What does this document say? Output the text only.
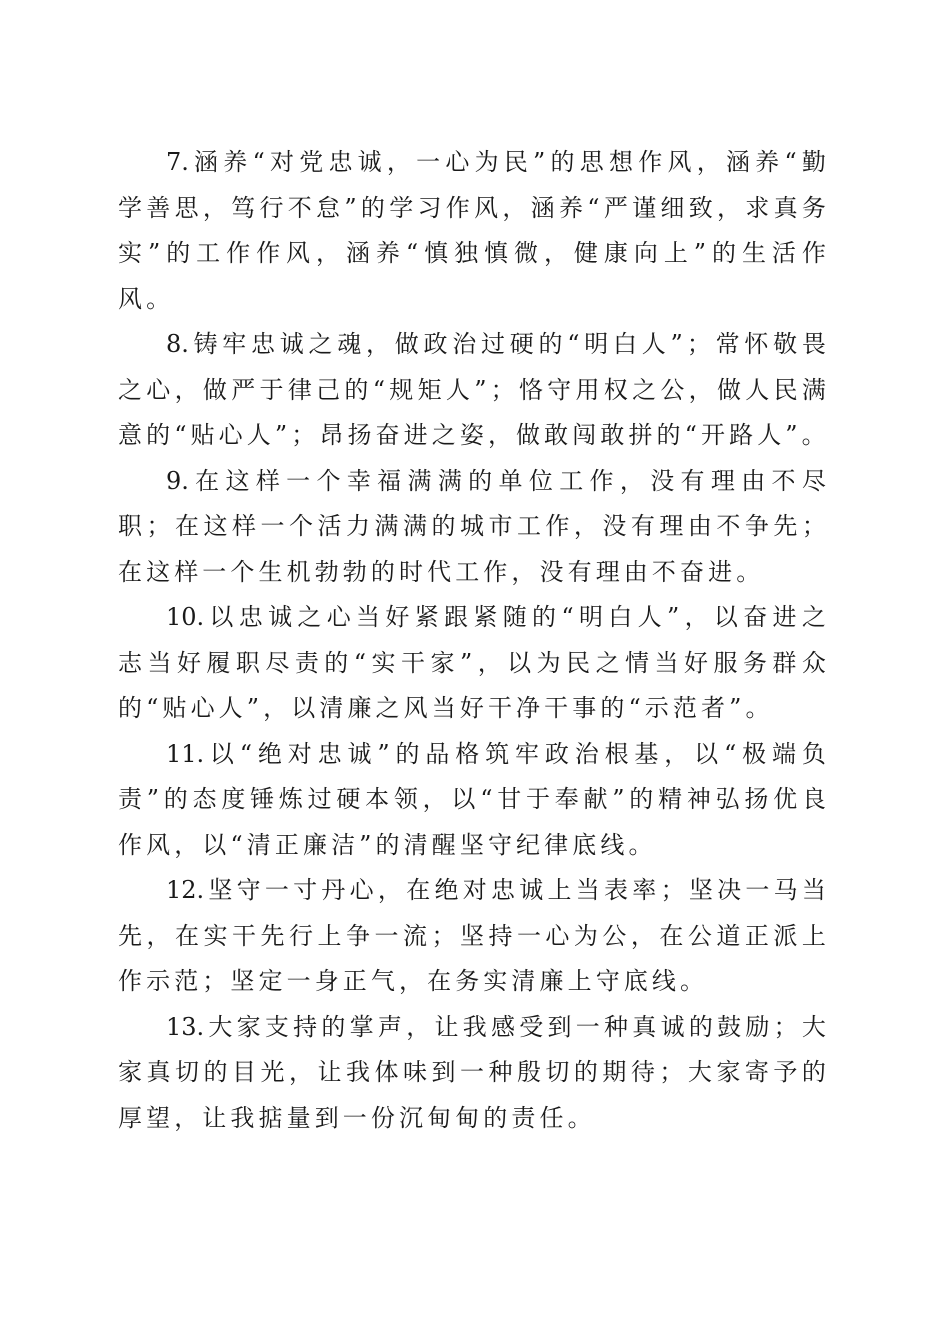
7. 涵养“对党忠诚，一心为民”的思想作风，涵养“勤学善思，笃行不怠”的学习作风，涵养“严谨细致，求真务实”的工作作风，涵养“慎独慎微，健康向上”的生活作风。

8. 铸牢忠诚之魂，做政治过硬的“明白人”；常怀敬畏之心，做严于律己的“规矩人”；恪守用权之公，做人民满意的“贴心人”；昂扬奋进之姿，做敢闯敢拼的“开路人”。

9. 在这样一个幸福满满的单位工作，没有理由不尽职；在这样一个活力满满的城市工作，没有理由不争先；在这样一个生机勃勃的时代工作，没有理由不奋进。

10. 以忠诚之心当好紧跟紧随的“明白人”，以奋进之志当好履职尽责的“实干家”，以为民之情当好服务群众的“贴心人”，以清廉之风当好干净干事的“示范者”。

11. 以“绝对忠诚”的品格筑牢政治根基，以“极端负责”的态度锤炼过硬本领，以“甘于奉献”的精神弘扬优良作风，以“清正廉洁”的清醒坚守纪律底线。

12. 坚守一寸丹心，在绝对忠诚上当表率；坚决一马当先，在实干先行上争一流；坚持一心为公，在公道正派上作示范；坚定一身正气，在务实清廉上守底线。

13. 大家支持的掌声，让我感受到一种真诚的鼓励；大家真切的目光，让我体味到一种殷切的期待；大家寄予的厚望，让我掂量到一份沉甸甸的责任。
